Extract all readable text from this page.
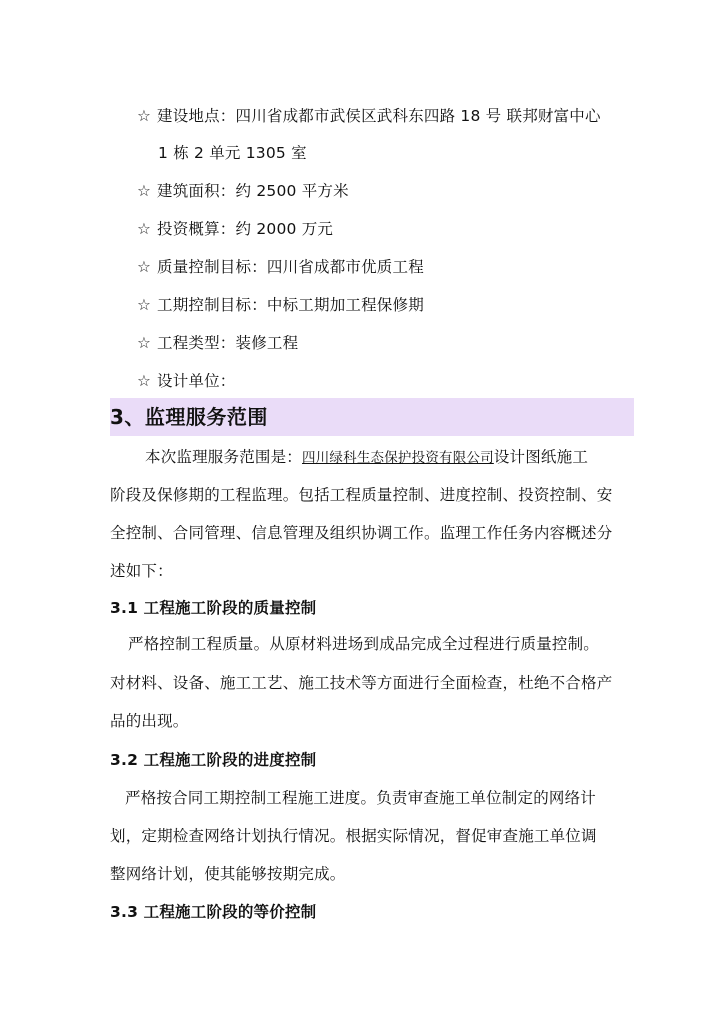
☆ 建设地点：四川省成都市武侯区武科东四路 18 号 联邦财富中心
1 栋 2 单元 1305 室
☆ 建筑面积：约 2500 平方米
☆ 投资概算：约 2000 万元
☆ 质量控制目标：四川省成都市优质工程
☆ 工期控制目标：中标工期加工程保修期
☆ 工程类型：装修工程
☆ 设计单位：
3、监理服务范围
本次监理服务范围是：四川绿科生态保护投资有限公司设计图纸施工
阶段及保修期的工程监理。包括工程质量控制、进度控制、投资控制、安
全控制、合同管理、信息管理及组织协调工作。监理工作任务内容概述分
述如下：
3.1 工程施工阶段的质量控制
严格控制工程质量。从原材料进场到成品完成全过程进行质量控制。
对材料、设备、施工工艺、施工技术等方面进行全面检查，杜绝不合格产
品的出现。
3.2 工程施工阶段的进度控制
严格按合同工期控制工程施工进度。负责审查施工单位制定的网络计
划，定期检查网络计划执行情况。根据实际情况，督促审查施工单位调
整网络计划，使其能够按期完成。
3.3 工程施工阶段的等价控制
